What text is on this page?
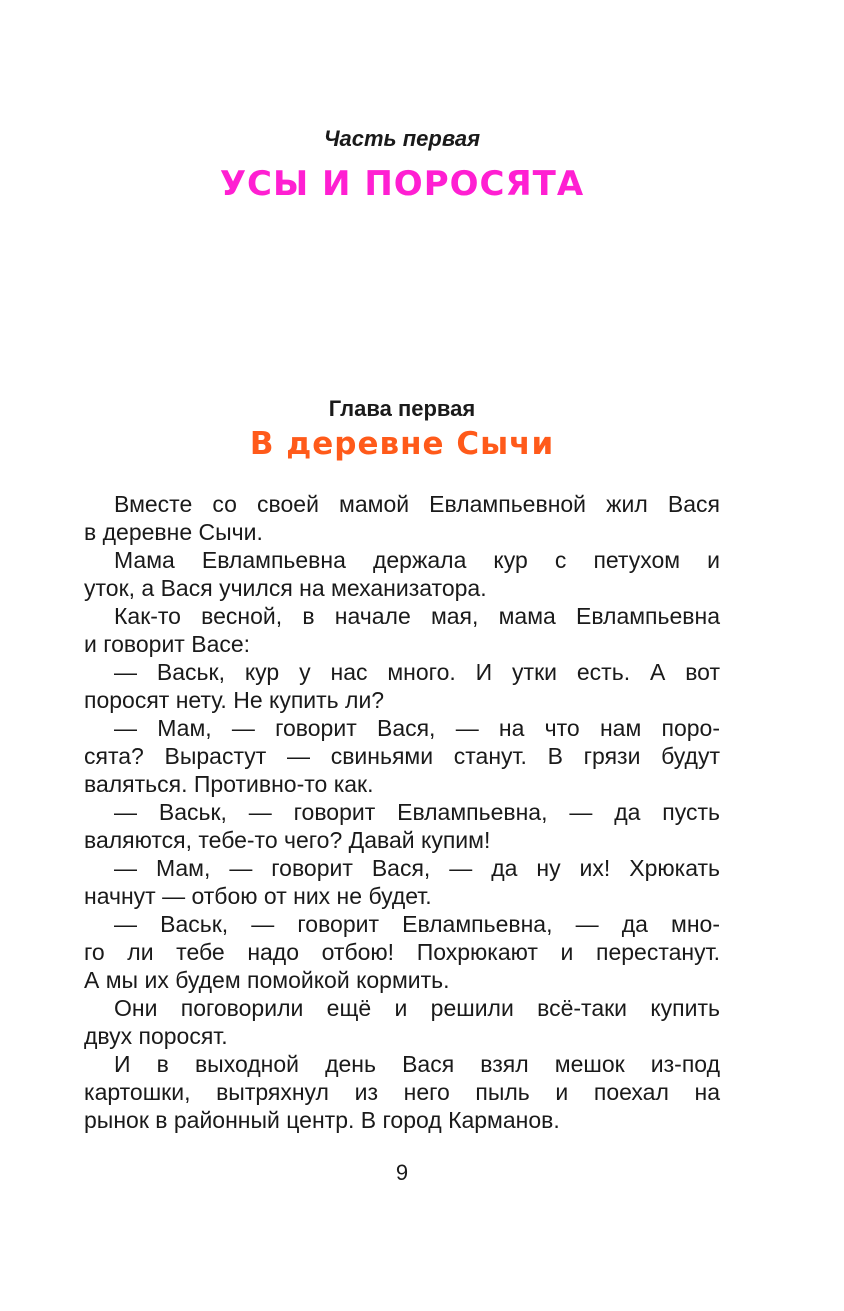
Часть первая
УСЫ И ПОРОСЯТА
Глава первая
В деревне Сычи
Вместе со своей мамой Евлампьевной жил Вася
в деревне Сычи.
Мама Евлампьевна держала кур с петухом и
уток, а Вася учился на механизатора.
Как-то весной, в начале мая, мама Евлампьевна
и говорит Васе:
— Васьк, кур у нас много. И утки есть. А вот
поросят нету. Не купить ли?
— Мам, — говорит Вася, — на что нам поро-
сята? Вырастут — свиньями станут. В грязи будут
валяться. Противно-то как.
— Васьк, — говорит Евлампьевна, — да пусть
валяются, тебе-то чего? Давай купим!
— Мам, — говорит Вася, — да ну их! Хрюкать
начнут — отбою от них не будет.
— Васьк, — говорит Евлампьевна, — да мно-
го ли тебе надо отбою! Похрюкают и перестанут.
А мы их будем помойкой кормить.
Они поговорили ещё и решили всё-таки купить
двух поросят.
И в выходной день Вася взял мешок из-под
картошки, вытряхнул из него пыль и поехал на
рынок в районный центр. В город Карманов.
9
